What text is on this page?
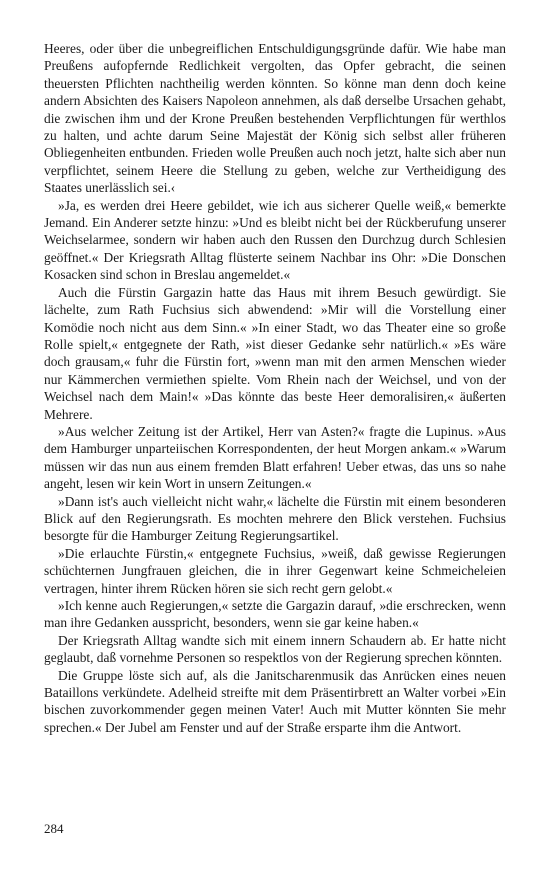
Heeres, oder über die unbegreiflichen Entschuldigungsgründe dafür. Wie habe man Preußens aufopfernde Redlichkeit vergolten, das Opfer gebracht, die seinen theuersten Pflichten nachtheilig werden könnten. So könne man denn doch keine andern Absichten des Kaisers Napoleon annehmen, als daß derselbe Ursachen gehabt, die zwischen ihm und der Krone Preußen bestehenden Verpflichtungen für werthlos zu halten, und achte darum Seine Majestät der König sich selbst aller früheren Obliegenheiten entbunden. Frieden wolle Preußen auch noch jetzt, halte sich aber nun verpflichtet, seinem Heere die Stellung zu geben, welche zur Vertheidigung des Staates unerlässlich sei.‹

»Ja, es werden drei Heere gebildet, wie ich aus sicherer Quelle weiß,« bemerkte Jemand. Ein Anderer setzte hinzu: »Und es bleibt nicht bei der Rückberufung unserer Weichselarmee, sondern wir haben auch den Russen den Durchzug durch Schlesien geöffnet.« Der Kriegsrath Alltag flüsterte seinem Nachbar ins Ohr: »Die Donschen Kosacken sind schon in Breslau angemeldet.«

Auch die Fürstin Gargazin hatte das Haus mit ihrem Besuch gewürdigt. Sie lächelte, zum Rath Fuchsius sich abwendend: »Mir will die Vorstellung einer Komödie noch nicht aus dem Sinn.« »In einer Stadt, wo das Theater eine so große Rolle spielt,« entgegnete der Rath, »ist dieser Gedanke sehr natürlich.« »Es wäre doch grausam,« fuhr die Fürstin fort, »wenn man mit den armen Menschen wieder nur Kämmerchen vermiethen spielte. Vom Rhein nach der Weichsel, und von der Weichsel nach dem Main!« »Das könnte das beste Heer demoralisiren,« äußerten Mehrere.

»Aus welcher Zeitung ist der Artikel, Herr van Asten?« fragte die Lupinus. »Aus dem Hamburger unparteiischen Korrespondenten, der heut Morgen ankam.« »Warum müssen wir das nun aus einem fremden Blatt erfahren! Ueber etwas, das uns so nahe angeht, lesen wir kein Wort in unsern Zeitungen.«

»Dann ist's auch vielleicht nicht wahr,« lächelte die Fürstin mit einem besonderen Blick auf den Regierungsrath. Es mochten mehrere den Blick verstehen. Fuchsius besorgte für die Hamburger Zeitung Regierungsartikel.

»Die erlauchte Fürstin,« entgegnete Fuchsius, »weiß, daß gewisse Regierungen schüchternen Jungfrauen gleichen, die in ihrer Gegenwart keine Schmeicheleien vertragen, hinter ihrem Rücken hören sie sich recht gern gelobt.«

»Ich kenne auch Regierungen,« setzte die Gargazin darauf, »die erschrecken, wenn man ihre Gedanken ausspricht, besonders, wenn sie gar keine haben.«

Der Kriegsrath Alltag wandte sich mit einem innern Schaudern ab. Er hatte nicht geglaubt, daß vornehme Personen so respektlos von der Regierung sprechen könnten.

Die Gruppe löste sich auf, als die Janitscharenmusik das Anrücken eines neuen Bataillons verkündete. Adelheid streifte mit dem Präsentirbrett an Walter vorbei »Ein bischen zuvorkommender gegen meinen Vater! Auch mit Mutter könnten Sie mehr sprechen.« Der Jubel am Fenster und auf der Straße ersparte ihm die Antwort.

284
